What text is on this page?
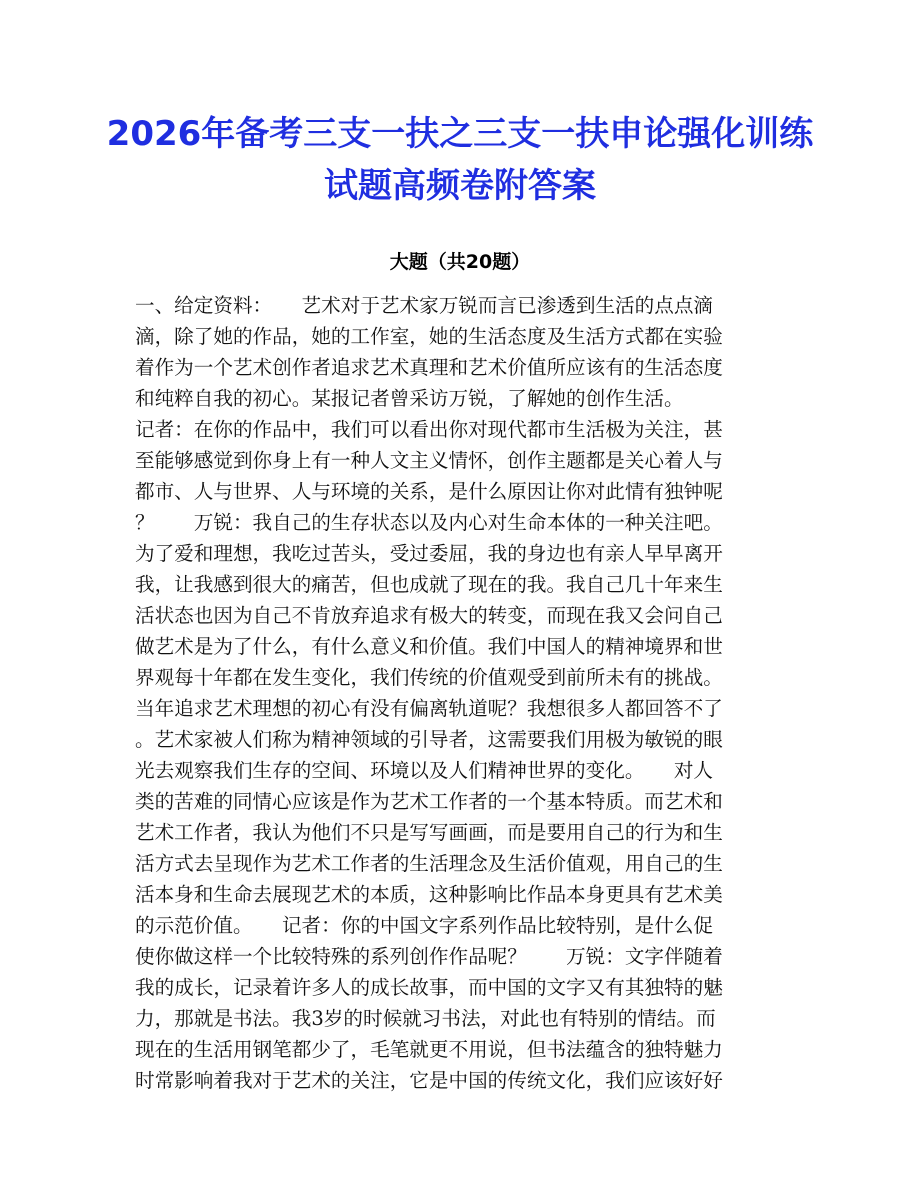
2026年备考三支一扶之三支一扶申论强化训练试题高频卷附答案
大题（共20题）
一、给定资料：　　艺术对于艺术家万锐而言已渗透到生活的点点滴
滴，除了她的作品，她的工作室，她的生活态度及生活方式都在实验
着作为一个艺术创作者追求艺术真理和艺术价值所应该有的生活态度
和纯粹自我的初心。某报记者曾采访万锐，了解她的创作生活。
记者：在你的作品中，我们可以看出你对现代都市生活极为关注，甚
至能够感觉到你身上有一种人文主义情怀，创作主题都是关心着人与
都市、人与世界、人与环境的关系，是什么原因让你对此情有独钟呢
？　　万锐：我自己的生存状态以及内心对生命本体的一种关注吧。
为了爱和理想，我吃过苦头，受过委屈，我的身边也有亲人早早离开
我，让我感到很大的痛苦，但也成就了现在的我。我自己几十年来生
活状态也因为自己不肯放弃追求有极大的转变，而现在我又会问自己
做艺术是为了什么，有什么意义和价值。我们中国人的精神境界和世
界观每十年都在发生变化，我们传统的价值观受到前所未有的挑战。
当年追求艺术理想的初心有没有偏离轨道呢？我想很多人都回答不了
。艺术家被人们称为精神领域的引导者，这需要我们用极为敏锐的眼
光去观察我们生存的空间、环境以及人们精神世界的变化。　　对人
类的苦难的同情心应该是作为艺术工作者的一个基本特质。而艺术和
艺术工作者，我认为他们不只是写写画画，而是要用自己的行为和生
活方式去呈现作为艺术工作者的生活理念及生活价值观，用自己的生
活本身和生命去展现艺术的本质，这种影响比作品本身更具有艺术美
的示范价值。　　记者：你的中国文字系列作品比较特别，是什么促
使你做这样一个比较特殊的系列创作作品呢？　　万锐：文字伴随着
我的成长，记录着许多人的成长故事，而中国的文字又有其独特的魅
力，那就是书法。我3岁的时候就习书法，对此也有特别的情结。而
现在的生活用钢笔都少了，毛笔就更不用说，但书法蕴含的独特魅力
时常影响着我对于艺术的关注，它是中国的传统文化，我们应该好好
